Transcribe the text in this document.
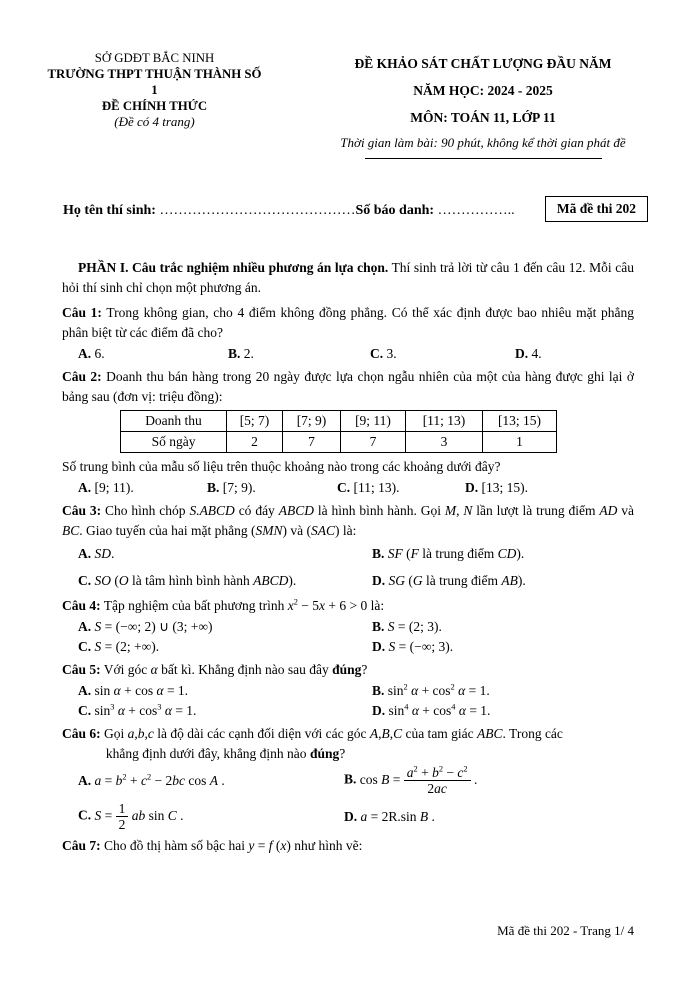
SỞ GDĐT BẮC NINH
TRƯỜNG THPT THUẬN THÀNH SỐ 1
ĐỀ CHÍNH THỨC
(Đề có 4 trang)
ĐỀ KHẢO SÁT CHẤT LƯỢNG ĐẦU NĂM
NĂM HỌC: 2024 - 2025
MÔN: TOÁN 11, LỚP 11
Thời gian làm bài: 90 phút, không kể thời gian phát đề
Họ tên thí sinh: ……………………………………Số báo danh: ……………..	Mã đề thi 202

PHẦN I. Câu trắc nghiệm nhiều phương án lựa chọn. Thí sinh trả lời từ câu 1 đến câu 12. Mỗi câu hỏi thí sinh chỉ chọn một phương án.

Câu 1: Trong không gian, cho 4 điểm không đồng phẳng. Có thể xác định được bao nhiêu mặt phẳng phân biệt từ các điểm đã cho?

A. 6.	B. 2.	C. 3.	D. 4.

Câu 2: Doanh thu bán hàng trong 20 ngày được lựa chọn ngẫu nhiên của một của hàng được ghi lại ở bảng sau (đơn vị: triệu đồng):

Doanh thu	[5; 7)	[7; 9)	[9; 11)	[11; 13)	[13; 15)
Số ngày	2	7	7	3	1

Số trung bình của mẫu số liệu trên thuộc khoảng nào trong các khoảng dưới đây?

A. [9; 11).	B. [7; 9).	C. [11; 13).	D. [13; 15).

Câu 3: Cho hình chóp S.ABCD có đáy ABCD là hình bình hành. Gọi M, N lần lượt là trung điểm AD và BC. Giao tuyến của hai mặt phẳng (SMN) và (SAC) là:

A. SD.	B. SF (F là trung điểm CD).
C. SO (O là tâm hình bình hành ABCD).	D. SG (G là trung điểm AB).

Câu 4: Tập nghiệm của bất phương trình $x^2 - 5x + 6 > 0$ là:

A. S = (−∞; 2) ∪ (3; +∞)	B. S = (2; 3).
C. S = (2; +∞).	D. S = (−∞; 3).

Câu 5: Với góc α bất kì. Khẳng định nào sau đây đúng?

A. sin α + cos α = 1.	B. $\sin^2 \alpha + \cos^2 \alpha = 1$.
C. $\sin^3 \alpha + \cos^3 \alpha = 1$.	D. $\sin^4 \alpha + \cos^4 \alpha = 1$.

Câu 6: Gọi a,b,c là độ dài các cạnh đối diện với các góc A,B,C của tam giác ABC. Trong các
khẳng định dưới đây, khẳng định nào đúng?

A. $a = b^2 + c^2 - 2bc$ cos A .	B. $\cos B = \frac{a^2 + b^2 - c^2}{2ac}$ .
C. $S = \frac{1}{2}$ ab sin C .	D. a = 2R.sin B .

Câu 7: Cho đồ thị hàm số bậc hai y = f (x) như hình vẽ:

Mã đề thi 202 - Trang 1/ 4
